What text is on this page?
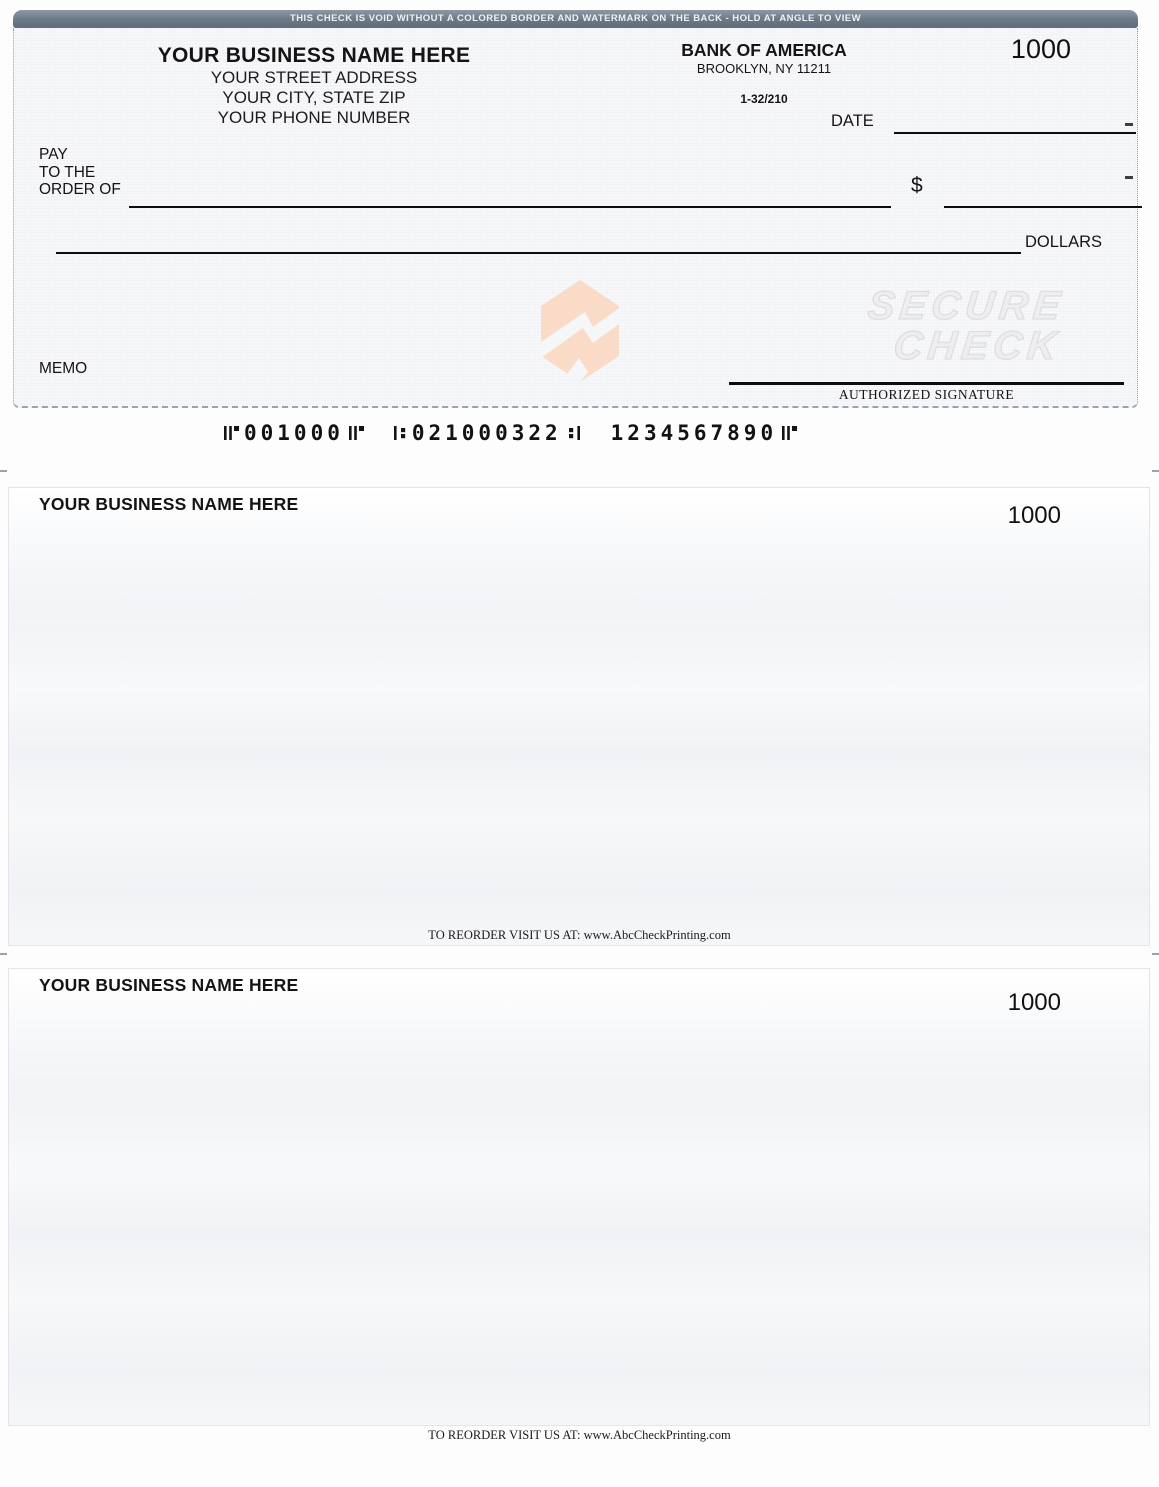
THIS CHECK IS VOID WITHOUT A COLORED BORDER AND WATERMARK ON THE BACK - HOLD AT ANGLE TO VIEW
YOUR BUSINESS NAME HERE
YOUR STREET ADDRESS
YOUR CITY, STATE ZIP
YOUR PHONE NUMBER
BANK OF AMERICA
BROOKLYN, NY 11211
1-32/210
1000
DATE
PAY
TO THE
ORDER OF	$
DOLLARS
SECURE
CHECK
MEMO
AUTHORIZED SIGNATURE
001000	021000322 1234567890
YOUR BUSINESS NAME HERE	1000
TO REORDER VISIT US AT: www.AbcCheckPrinting.com
YOUR BUSINESS NAME HERE
1000
TO REORDER VISIT US AT: www.AbcCheckPrinting.com
